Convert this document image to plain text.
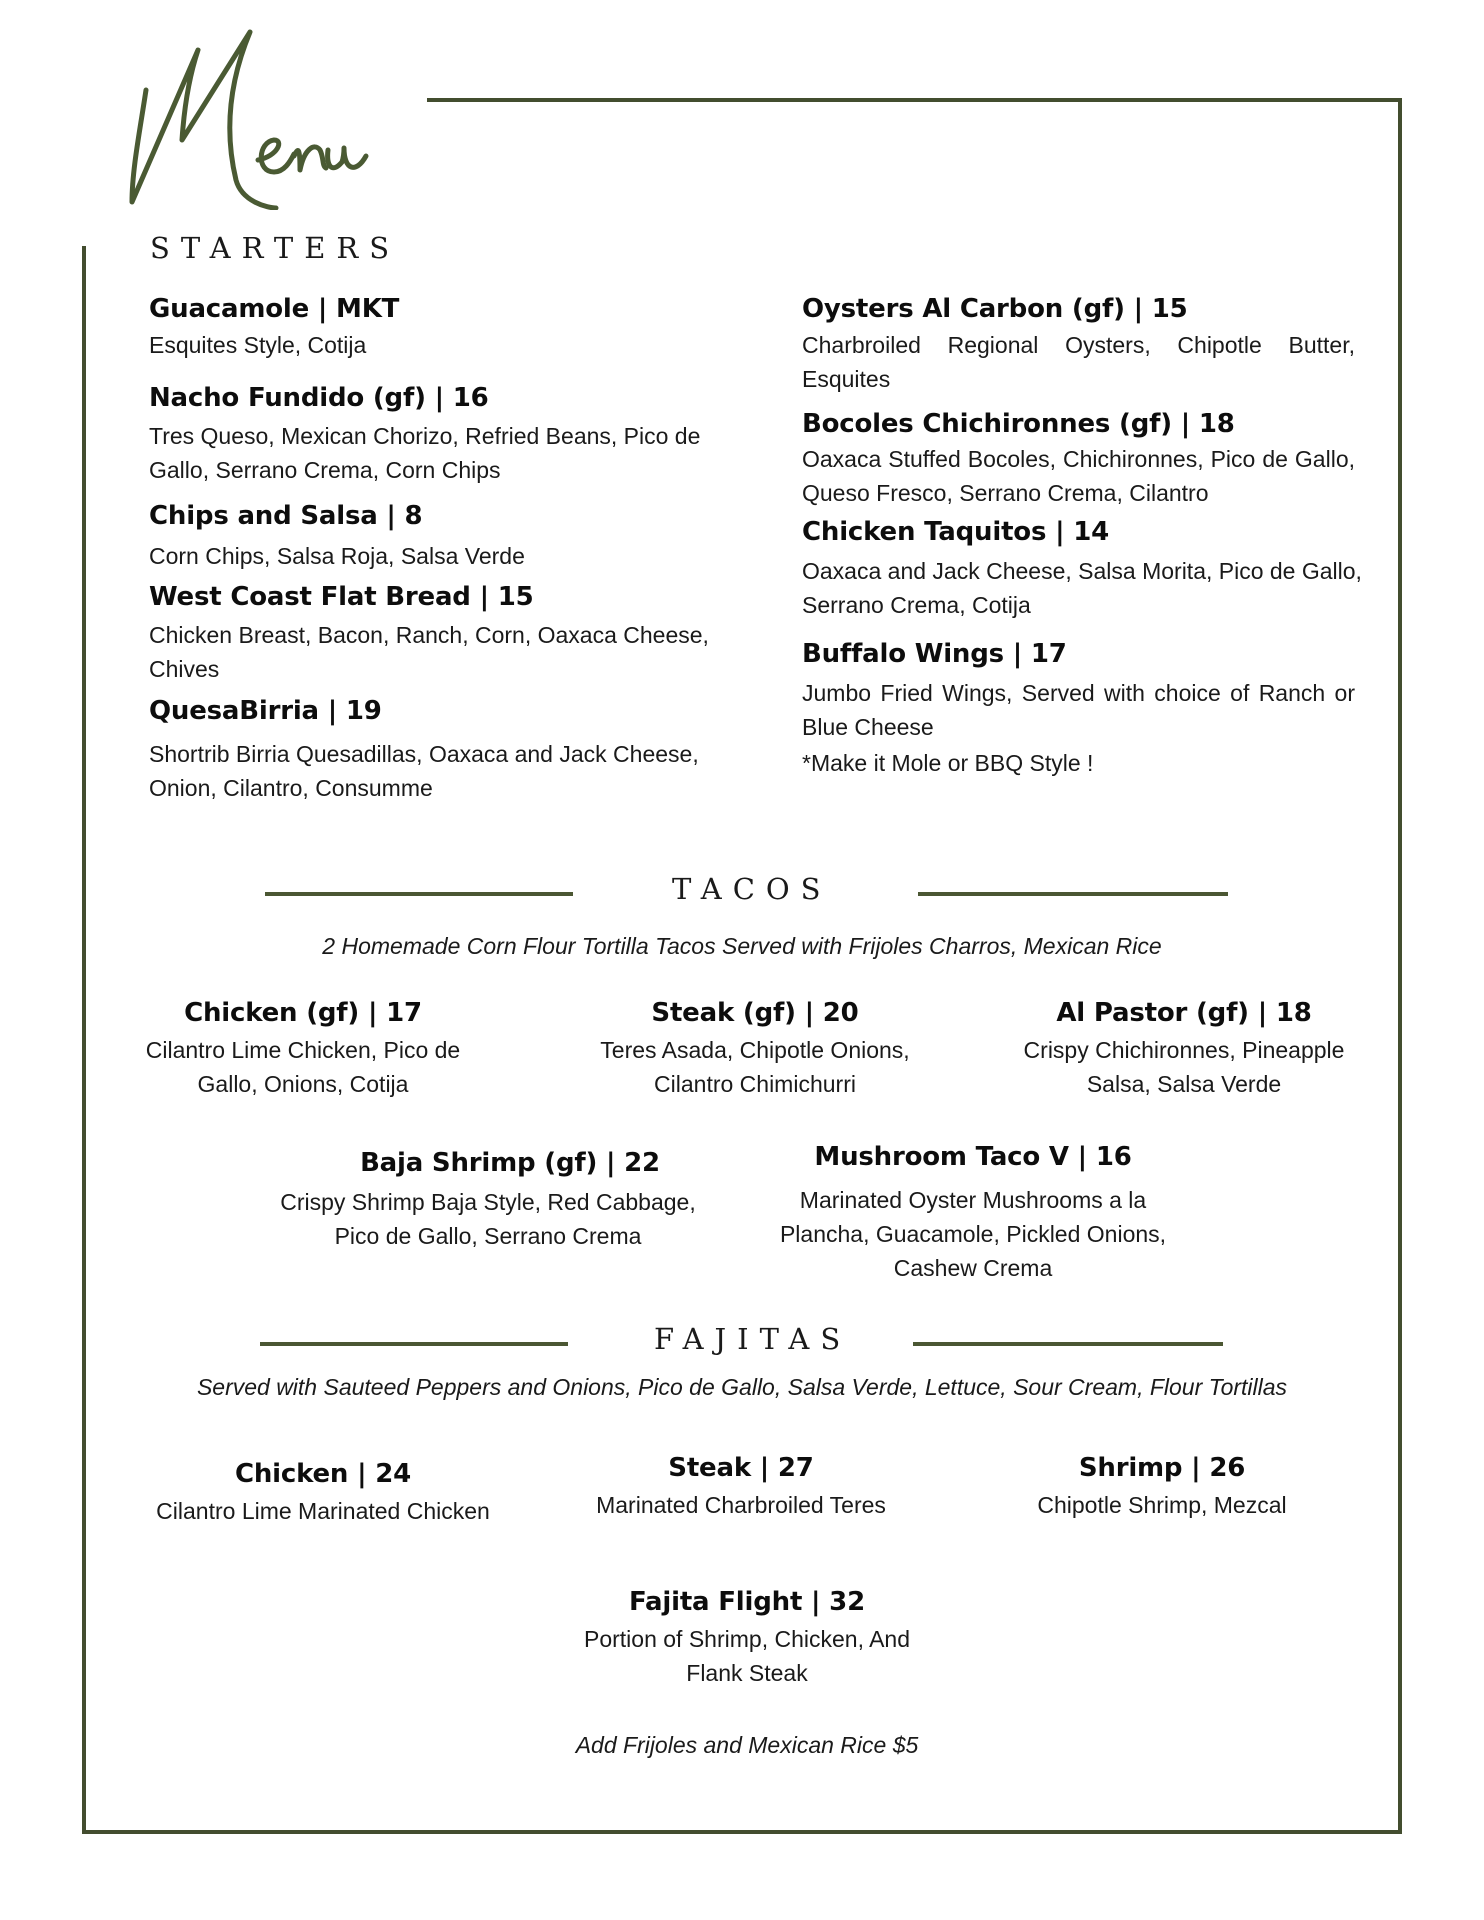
STARTERS
Guacamole | MKT
Esquites Style, Cotija
Nacho Fundido (gf) | 16
Tres Queso, Mexican Chorizo, Refried Beans, Pico de Gallo, Serrano Crema, Corn Chips
Chips and Salsa | 8
Corn Chips, Salsa Roja, Salsa Verde
West Coast Flat Bread | 15
Chicken Breast, Bacon, Ranch, Corn, Oaxaca Cheese, Chives
QuesaBirria | 19
Shortrib Birria Quesadillas, Oaxaca and Jack Cheese, Onion, Cilantro, Consumme
Oysters Al Carbon (gf) | 15
Charbroiled Regional Oysters, Chipotle Butter, Esquites
Bocoles Chichironnes (gf) | 18
Oaxaca Stuffed Bocoles, Chichironnes, Pico de Gallo, Queso Fresco, Serrano Crema, Cilantro
Chicken Taquitos | 14
Oaxaca and Jack Cheese, Salsa Morita, Pico de Gallo, Serrano Crema, Cotija
Buffalo Wings | 17
Jumbo Fried Wings, Served with choice of Ranch or Blue Cheese
*Make it Mole or BBQ Style !
TACOS
2 Homemade Corn Flour Tortilla Tacos Served with Frijoles Charros, Mexican Rice
Chicken (gf) | 17
Cilantro Lime Chicken, Pico de Gallo, Onions, Cotija
Steak (gf) | 20
Teres Asada, Chipotle Onions, Cilantro Chimichurri
Al Pastor (gf) | 18
Crispy Chichironnes, Pineapple Salsa, Salsa Verde
Baja Shrimp (gf) | 22
Crispy Shrimp Baja Style, Red Cabbage, Pico de Gallo, Serrano Crema
Mushroom Taco V | 16
Marinated Oyster Mushrooms a la Plancha, Guacamole, Pickled Onions, Cashew Crema
FAJITAS
Served with Sauteed Peppers and Onions, Pico de Gallo, Salsa Verde, Lettuce, Sour Cream, Flour Tortillas
Chicken | 24
Cilantro Lime Marinated Chicken
Steak | 27
Marinated Charbroiled Teres
Shrimp | 26
Chipotle Shrimp, Mezcal
Fajita Flight | 32
Portion of Shrimp, Chicken, And Flank Steak
Add Frijoles and Mexican Rice $5
